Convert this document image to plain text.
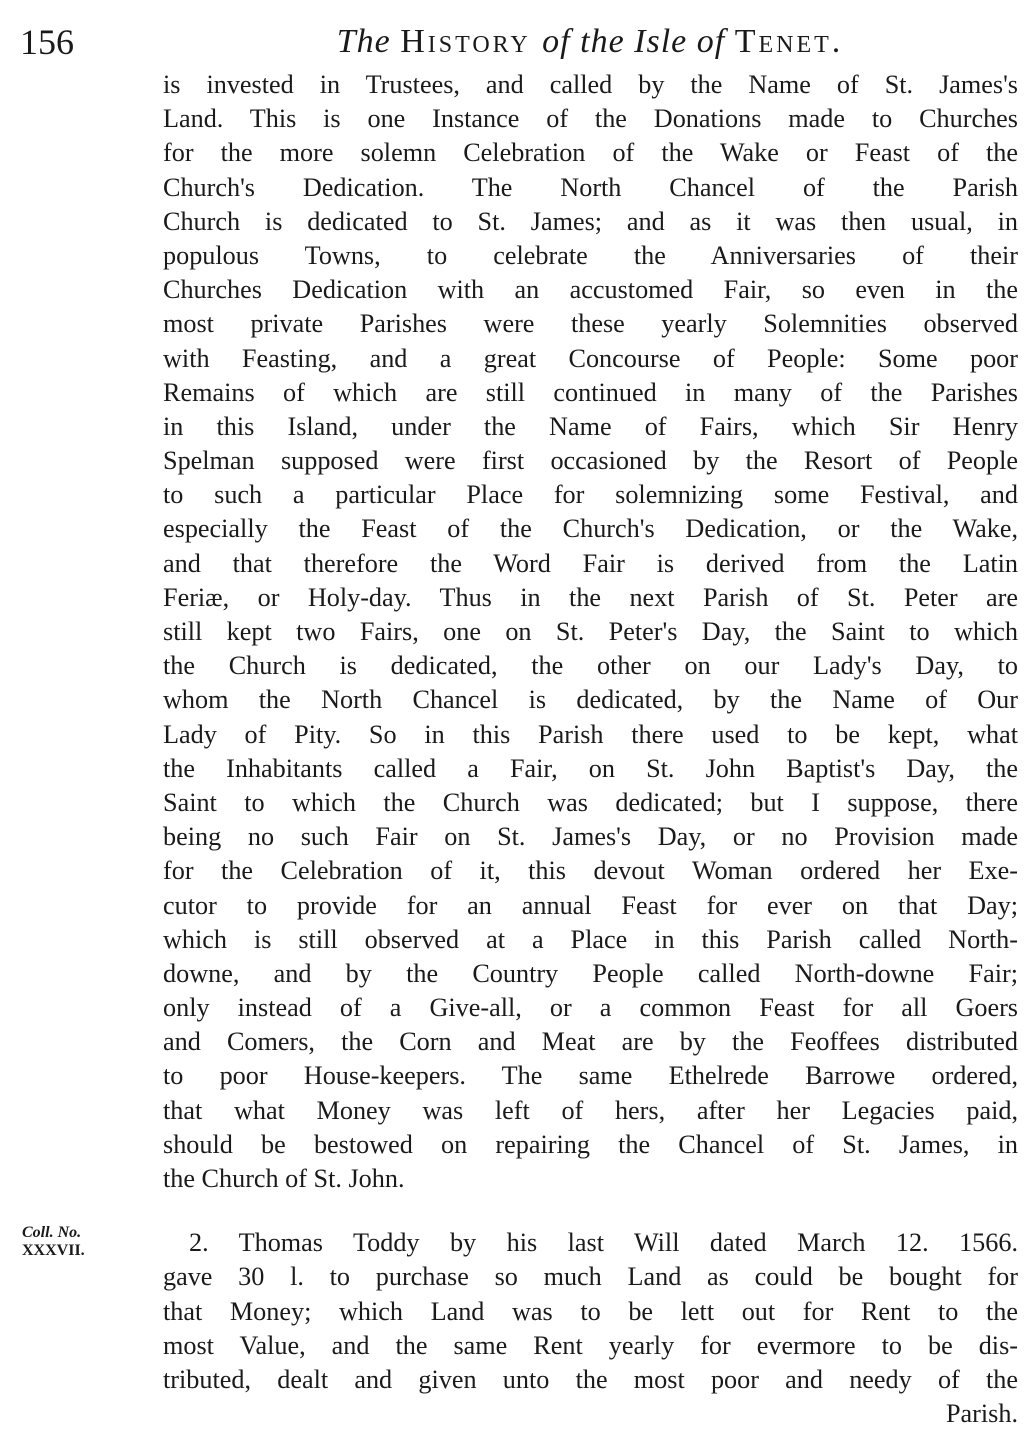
156	The History of the Isle of Tenet.
Coll. No.
XXXVII.
is invested in Trustees, and called by the Name of St. James's
Land. This is one Instance of the Donations made to Churches
for the more solemn Celebration of the Wake or Feast of the
Church's Dedication. The North Chancel of the Parish
Church is dedicated to St. James; and as it was then usual, in
populous Towns, to celebrate the Anniversaries of their
Churches Dedication with an accustomed Fair, so even in the
most private Parishes were these yearly Solemnities observed
with Feasting, and a great Concourse of People: Some poor
Remains of which are still continued in many of the Parishes
in this Island, under the Name of Fairs, which Sir Henry
Spelman supposed were first occasioned by the Resort of People
to such a particular Place for solemnizing some Festival, and
especially the Feast of the Church's Dedication, or the Wake,
and that therefore the Word Fair is derived from the Latin
Feriæ, or Holy-day. Thus in the next Parish of St. Peter are
still kept two Fairs, one on St. Peter's Day, the Saint to which
the Church is dedicated, the other on our Lady's Day, to
whom the North Chancel is dedicated, by the Name of Our
Lady of Pity. So in this Parish there used to be kept, what
the Inhabitants called a Fair, on St. John Baptist's Day, the
Saint to which the Church was dedicated; but I suppose, there
being no such Fair on St. James's Day, or no Provision made
for the Celebration of it, this devout Woman ordered her Exe-
cutor to provide for an annual Feast for ever on that Day;
which is still observed at a Place in this Parish called North-
downe, and by the Country People called North-downe Fair;
only instead of a Give-all, or a common Feast for all Goers
and Comers, the Corn and Meat are by the Feoffees distributed
to poor House-keepers. The same Ethelrede Barrowe ordered,
that what Money was left of hers, after her Legacies paid,
should be bestowed on repairing the Chancel of St. James, in
the Church of St. John.
2. Thomas Toddy by his last Will dated March 12. 1566.
gave 30 l. to purchase so much Land as could be bought for
that Money; which Land was to be lett out for Rent to the
most Value, and the same Rent yearly for evermore to be dis-
tributed, dealt and given unto the most poor and needy of the
Parish.
